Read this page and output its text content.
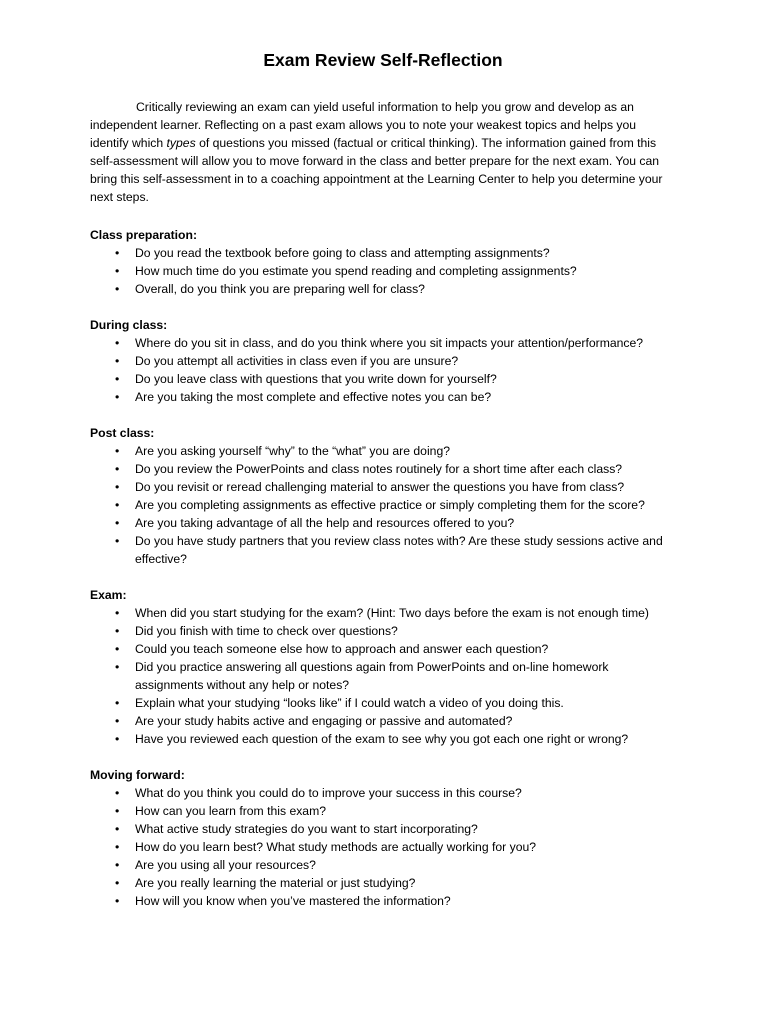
Exam Review Self-Reflection

Critically reviewing an exam can yield useful information to help you grow and develop as an independent learner. Reflecting on a past exam allows you to note your weakest topics and helps you identify which types of questions you missed (factual or critical thinking). The information gained from this self-assessment will allow you to move forward in the class and better prepare for the next exam. You can bring this self-assessment in to a coaching appointment at the Learning Center to help you determine your next steps.

Class preparation:

• Do you read the textbook before going to class and attempting assignments?
• How much time do you estimate you spend reading and completing assignments?
• Overall, do you think you are preparing well for class?

During class:

• Where do you sit in class, and do you think where you sit impacts your attention/performance?
• Do you attempt all activities in class even if you are unsure?
• Do you leave class with questions that you write down for yourself?
• Are you taking the most complete and effective notes you can be?

Post class:

• Are you asking yourself “why” to the “what” you are doing?
• Do you review the PowerPoints and class notes routinely for a short time after each class?
• Do you revisit or reread challenging material to answer the questions you have from class?
• Are you completing assignments as effective practice or simply completing them for the score?
• Are you taking advantage of all the help and resources offered to you?
• Do you have study partners that you review class notes with? Are these study sessions active and effective?

Exam:

• When did you start studying for the exam? (Hint: Two days before the exam is not enough time)
• Did you finish with time to check over questions?
• Could you teach someone else how to approach and answer each question?
• Did you practice answering all questions again from PowerPoints and on-line homework assignments without any help or notes?
• Explain what your studying “looks like” if I could watch a video of you doing this.
• Are your study habits active and engaging or passive and automated?
• Have you reviewed each question of the exam to see why you got each one right or wrong?

Moving forward:

• What do you think you could do to improve your success in this course?
• How can you learn from this exam?
• What active study strategies do you want to start incorporating?
• How do you learn best? What study methods are actually working for you?
• Are you using all your resources?
• Are you really learning the material or just studying?
• How will you know when you’ve mastered the information?
